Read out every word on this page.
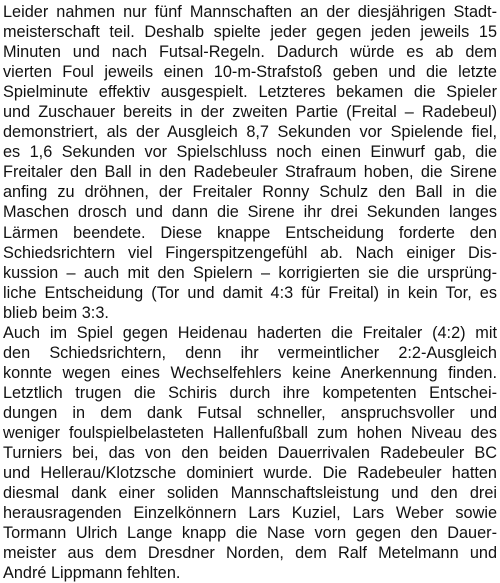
Leider nahmen nur fünf Mannschaften an der diesjährigen Stadt-
meisterschaft teil. Deshalb spielte jeder gegen jeden jeweils 15
Minuten und nach Futsal-Regeln. Dadurch würde es ab dem
vierten Foul jeweils einen 10-m-Strafstoß geben und die letzte
Spielminute effektiv ausgespielt. Letzteres bekamen die Spieler
und Zuschauer bereits in der zweiten Partie (Freital – Radebeul)
demonstriert, als der Ausgleich 8,7 Sekunden vor Spielende fiel,
es 1,6 Sekunden vor Spielschluss noch einen Einwurf gab, die
Freitaler den Ball in den Radebeuler Strafraum hoben, die Sirene
anfing zu dröhnen, der Freitaler Ronny Schulz den Ball in die
Maschen drosch und dann die Sirene ihr drei Sekunden langes
Lärmen beendete. Diese knappe Entscheidung forderte den
Schiedsrichtern viel Fingerspitzengefühl ab. Nach einiger Dis-
kussion – auch mit den Spielern – korrigierten sie die ursprüng-
liche Entscheidung (Tor und damit 4:3 für Freital) in kein Tor, es
blieb beim 3:3.
Auch im Spiel gegen Heidenau haderten die Freitaler (4:2) mit
den Schiedsrichtern, denn ihr vermeintlicher 2:2-Ausgleich
konnte wegen eines Wechselfehlers keine Anerkennung finden.
Letztlich trugen die Schiris durch ihre kompetenten Entschei-
dungen in dem dank Futsal schneller, anspruchsvoller und
weniger foulspielbelasteten Hallenfußball zum hohen Niveau des
Turniers bei, das von den beiden Dauerrivalen Radebeuler BC
und Hellerau/Klotzsche dominiert wurde. Die Radebeuler hatten
diesmal dank einer soliden Mannschaftsleistung und den drei
herausragenden Einzelkönnern Lars Kuziel, Lars Weber sowie
Tormann Ulrich Lange knapp die Nase vorn gegen den Dauer-
meister aus dem Dresdner Norden, dem Ralf Metelmann und
André Lippmann fehlten.
